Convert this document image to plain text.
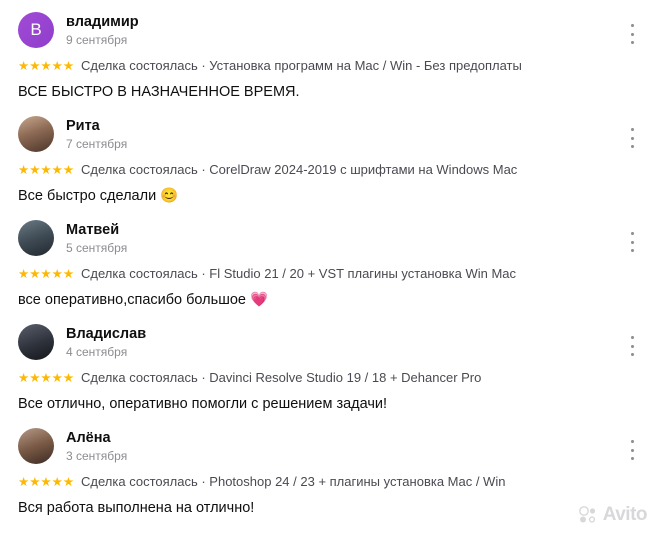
В владимир
9 сентября
★★★★★ Сделка состоялась · Установка программ на Mac / Win - Без предоплаты
ВСЕ БЫСТРО В НАЗНАЧЕННОЕ ВРЕМЯ.
Рита
7 сентября
★★★★★ Сделка состоялась · CorelDraw 2024-2019 с шрифтами на Windows Mac
Все быстро сделали 😊
Матвей
5 сентября
★★★★★ Сделка состоялась · Fl Studio 21 / 20 + VST плагины установка Win Mac
все оперативно,спасибо большое 💗
Владислав
4 сентября
★★★★★ Сделка состоялась · Davinci Resolve Studio 19 / 18 + Dehancer Pro
Все отлично, оперативно помогли с решением задачи!
Алёна
3 сентября
★★★★★ Сделка состоялась · Photoshop 24 / 23 + плагины установка Mac / Win
Вся работа выполнена на отлично!	Avito
